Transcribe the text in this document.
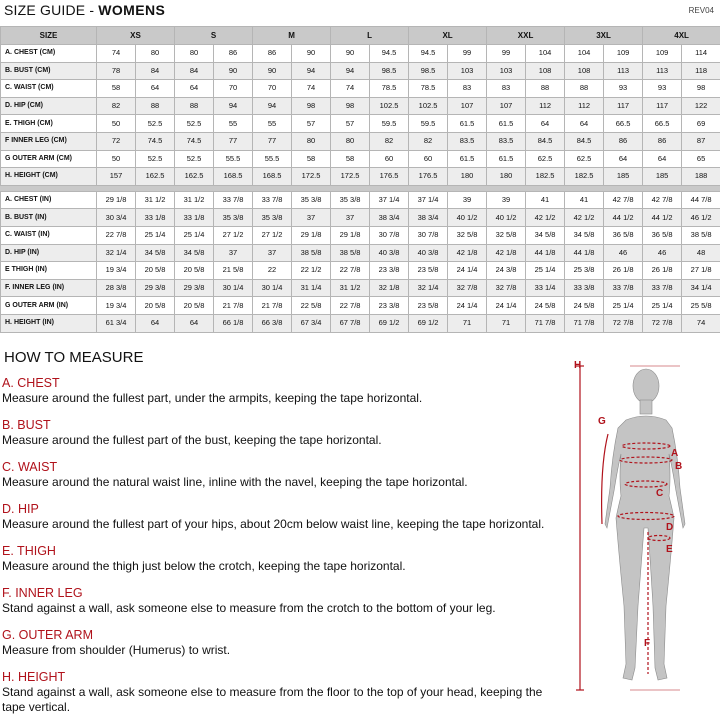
SIZE GUIDE - WOMENS	REV04
SIZE	XS		S		M		L		XL		XXL		3XL		4XL	
A. CHEST (CM)	74	80	80	86	86	90	90	94.5	94.5	99	99	104	104	109	109	114
B. BUST (CM)	78	84	84	90	90	94	94	98.5	98.5	103	103	108	108	113	113	118
C. WAIST (CM)	58	64	64	70	70	74	74	78.5	78.5	83	83	88	88	93	93	98
D. HIP (CM)	82	88	88	94	94	98	98	102.5	102.5	107	107	112	112	117	117	122
E. THIGH (CM)	50	52.5	52.5	55	55	57	57	59.5	59.5	61.5	61.5	64	64	66.5	66.5	69
F INNER LEG (CM)	72	74.5	74.5	77	77	80	80	82	82	83.5	83.5	84.5	84.5	86	86	87
G OUTER ARM (CM)	50	52.5	52.5	55.5	55.5	58	58	60	60	61.5	61.5	62.5	62.5	64	64	65
H. HEIGHT (CM)	157	162.5	162.5	168.5	168.5	172.5	172.5	176.5	176.5	180	180	182.5	182.5	185	185	188

A. CHEST (IN)	29 1/8	31 1/2	31 1/2	33 7/8	33 7/8	35 3/8	35 3/8	37 1/4	37 1/4	39	39	41	41	42 7/8	42 7/8	44 7/8
B. BUST (IN)	30 3/4	33 1/8	33 1/8	35 3/8	35 3/8	37	37	38 3/4	38 3/4	40 1/2	40 1/2	42 1/2	42 1/2	44 1/2	44 1/2	46 1/2
C. WAIST (IN)	22 7/8	25 1/4	25 1/4	27 1/2	27 1/2	29 1/8	29 1/8	30 7/8	30 7/8	32 5/8	32 5/8	34 5/8	34 5/8	36 5/8	36 5/8	38 5/8
D. HIP (IN)	32 1/4	34 5/8	34 5/8	37	37	38 5/8	38 5/8	40 3/8	40 3/8	42 1/8	42 1/8	44 1/8	44 1/8	46	46	48
E THIGH (IN)	19 3/4	20 5/8	20 5/8	21 5/8	22	22 1/2	22 7/8	23 3/8	23 5/8	24 1/4	24 3/8	25 1/4	25 3/8	26 1/8	26 1/8	27 1/8
F. INNER LEG (IN)	28 3/8	29 3/8	29 3/8	30 1/4	30 1/4	31 1/4	31 1/2	32 1/8	32 1/4	32 7/8	32 7/8	33 1/4	33 3/8	33 7/8	33 7/8	34 1/4
G OUTER ARM (IN)	19 3/4	20 5/8	20 5/8	21 7/8	21 7/8	22 5/8	22 7/8	23 3/8	23 5/8	24 1/4	24 1/4	24 5/8	24 5/8	25 1/4	25 1/4	25 5/8
H. HEIGHT (IN)	61 3/4	64	64	66 1/8	66 3/8	67 3/4	67 7/8	69 1/2	69 1/2	71	71	71 7/8	71 7/8	72 7/8	72 7/8	74
HOW TO MEASURE
A. CHEST
Measure around the fullest part, under the armpits, keeping the tape horizontal.
B. BUST
Measure around the fullest part of the bust, keeping the tape horizontal.
C. WAIST
Measure around the natural waist line, inline with the navel, keeping the tape horizontal.
D. HIP
Measure around the fullest part of your hips, about 20cm below waist line, keeping the tape horizontal.
E. THIGH
Measure around the thigh just below the crotch, keeping the tape horizontal.
F. INNER LEG
Stand against a wall, ask someone else to measure from the crotch to the bottom of your leg.
G. OUTER ARM
Measure from shoulder (Humerus) to wrist.
H. HEIGHT
Stand against a wall, ask someone else to measure from the floor to the top of your head, keeping the tape vertical.
H
G
A
B
C
D
E
F
